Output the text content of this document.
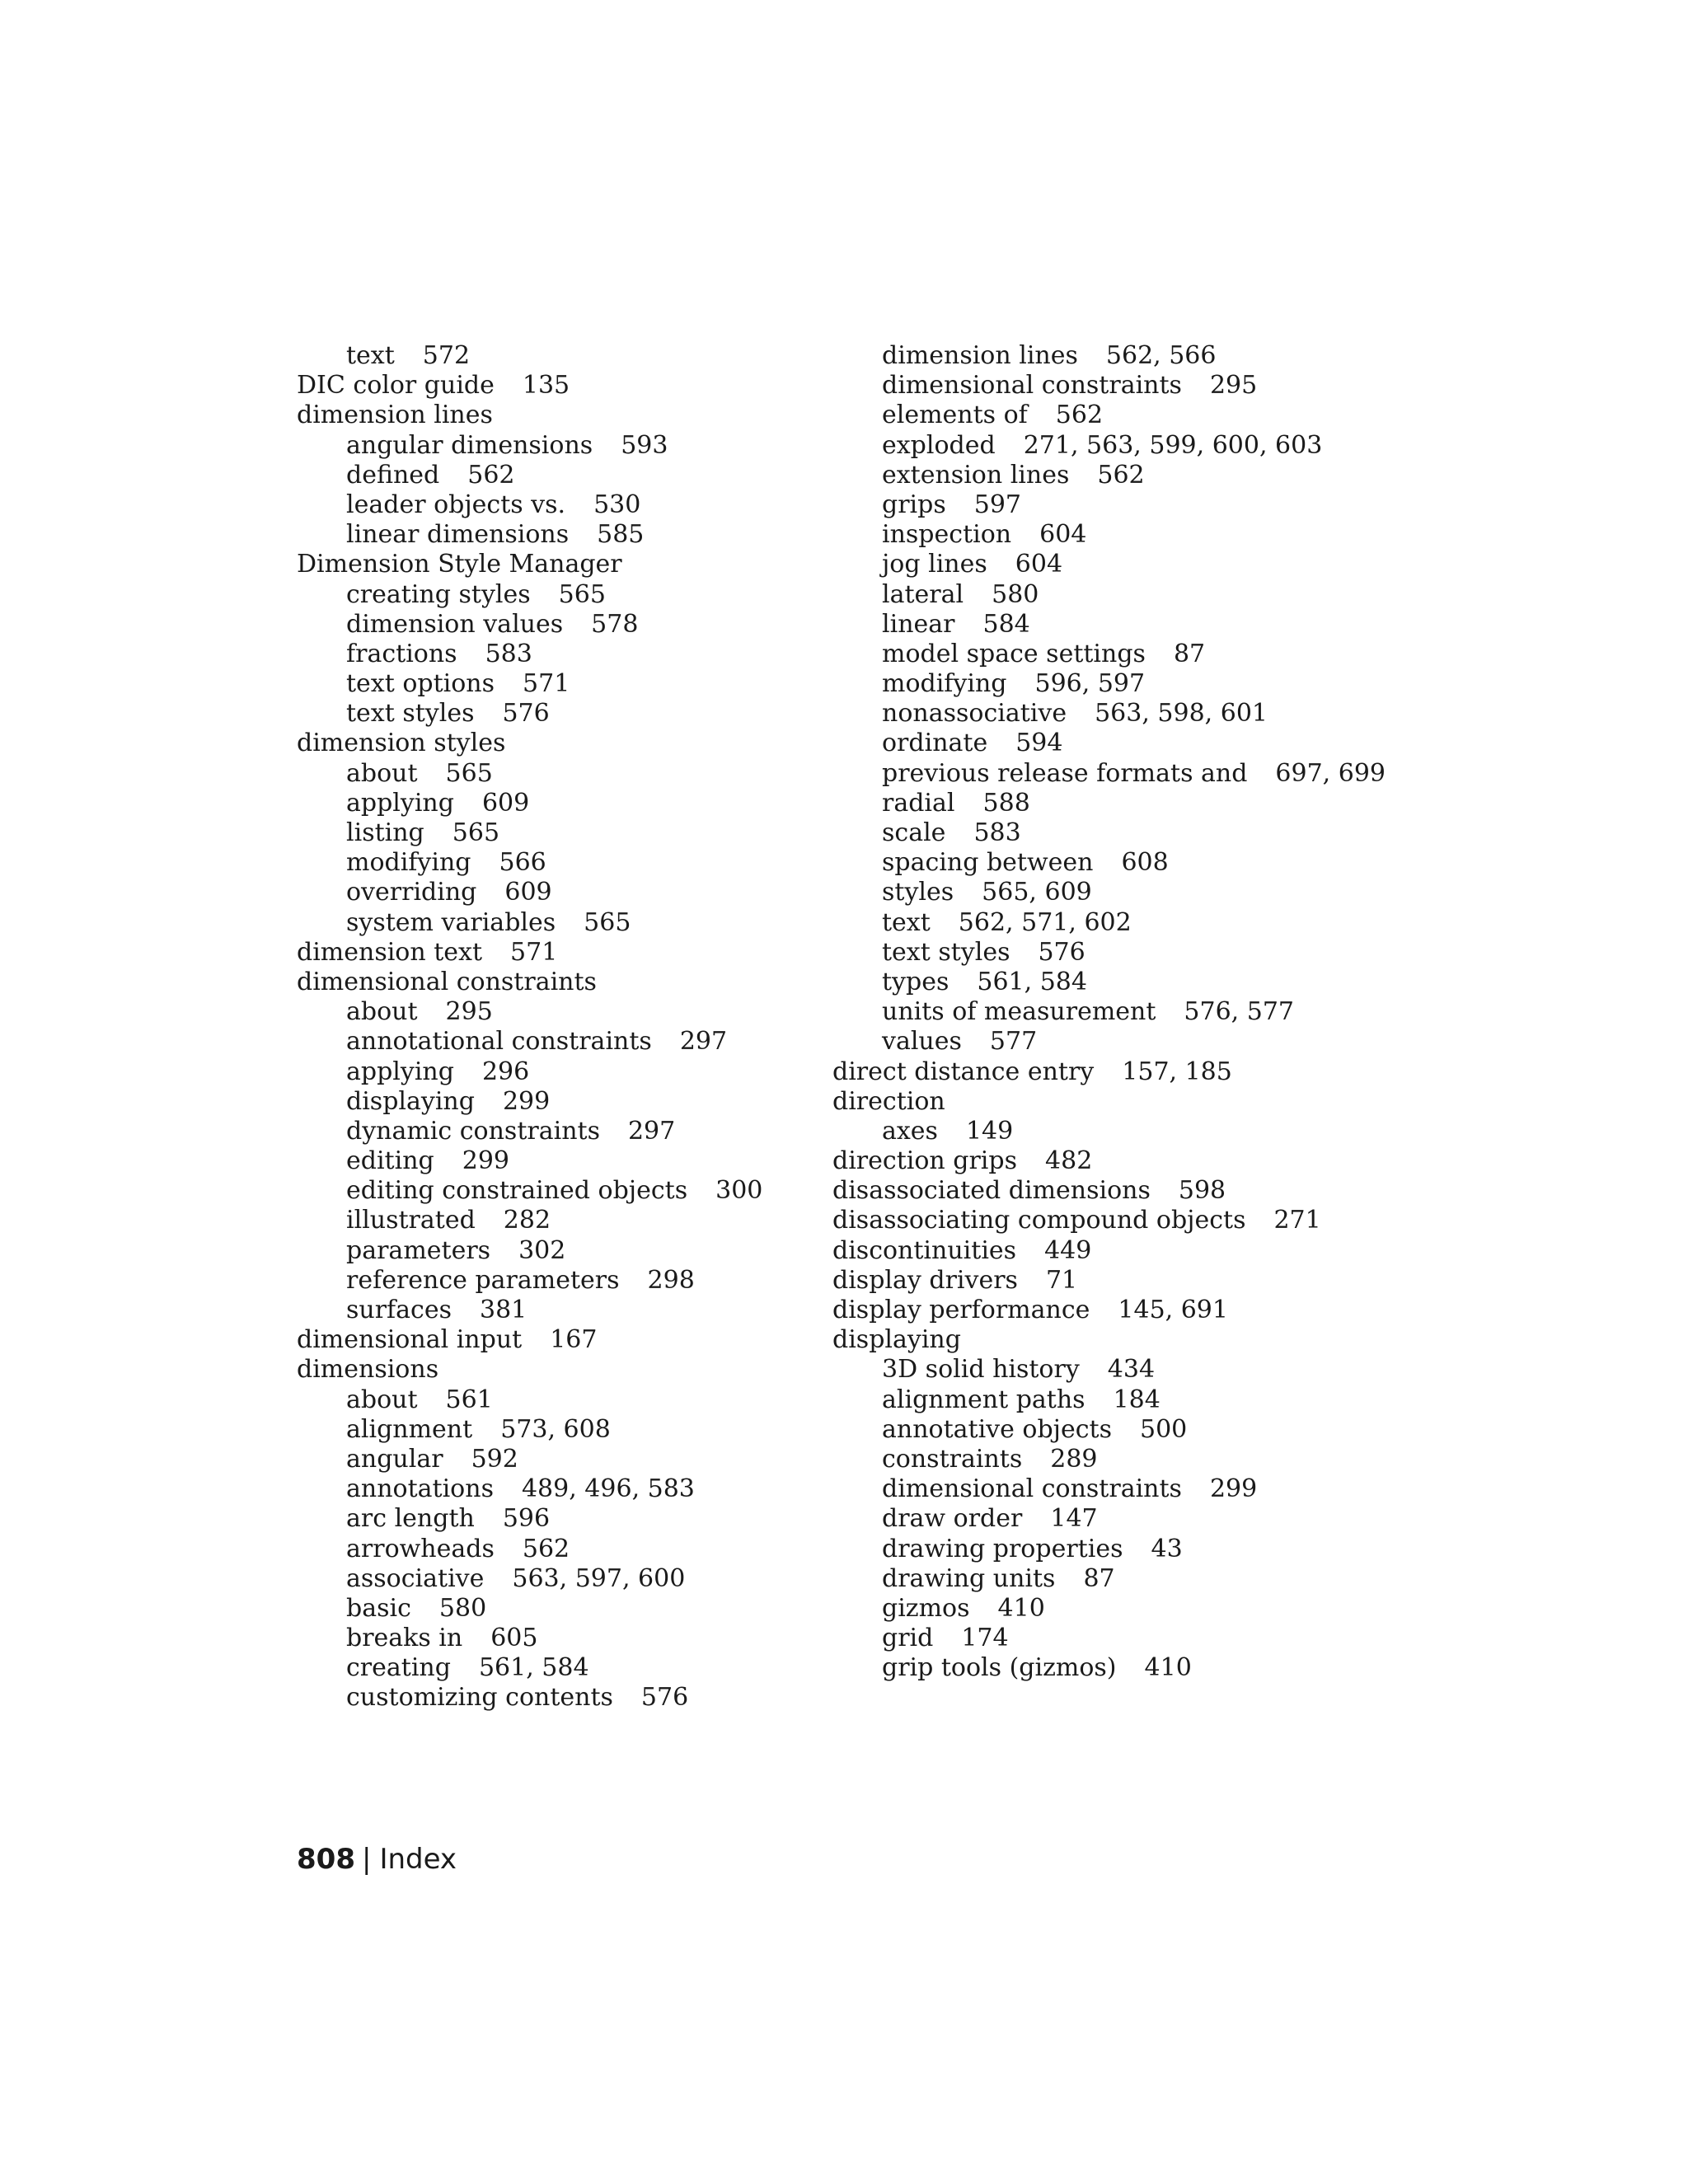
text 572
DIC color guide 135
dimension lines
angular dimensions 593
defined 562
leader objects vs. 530
linear dimensions 585
Dimension Style Manager
creating styles 565
dimension values 578
fractions 583
text options 571
text styles 576
dimension styles
about 565
applying 609
listing 565
modifying 566
overriding 609
system variables 565
dimension text 571
dimensional constraints
about 295
annotational constraints 297
applying 296
displaying 299
dynamic constraints 297
editing 299
editing constrained objects 300
illustrated 282
parameters 302
reference parameters 298
surfaces 381
dimensional input 167
dimensions
about 561
alignment 573, 608
angular 592
annotations 489, 496, 583
arc length 596
arrowheads 562
associative 563, 597, 600
basic 580
breaks in 605
creating 561, 584
customizing contents 576
dimension lines 562, 566
dimensional constraints 295
elements of 562
exploded 271, 563, 599, 600, 603
extension lines 562
grips 597
inspection 604
jog lines 604
lateral 580
linear 584
model space settings 87
modifying 596, 597
nonassociative 563, 598, 601
ordinate 594
previous release formats and 697, 699
radial 588
scale 583
spacing between 608
styles 565, 609
text 562, 571, 602
text styles 576
types 561, 584
units of measurement 576, 577
values 577
direct distance entry 157, 185
direction
axes 149
direction grips 482
disassociated dimensions 598
disassociating compound objects 271
discontinuities 449
display drivers 71
display performance 145, 691
displaying
3D solid history 434
alignment paths 184
annotative objects 500
constraints 289
dimensional constraints 299
draw order 147
drawing properties 43
drawing units 87
gizmos 410
grid 174
grip tools (gizmos) 410
808 | Index
